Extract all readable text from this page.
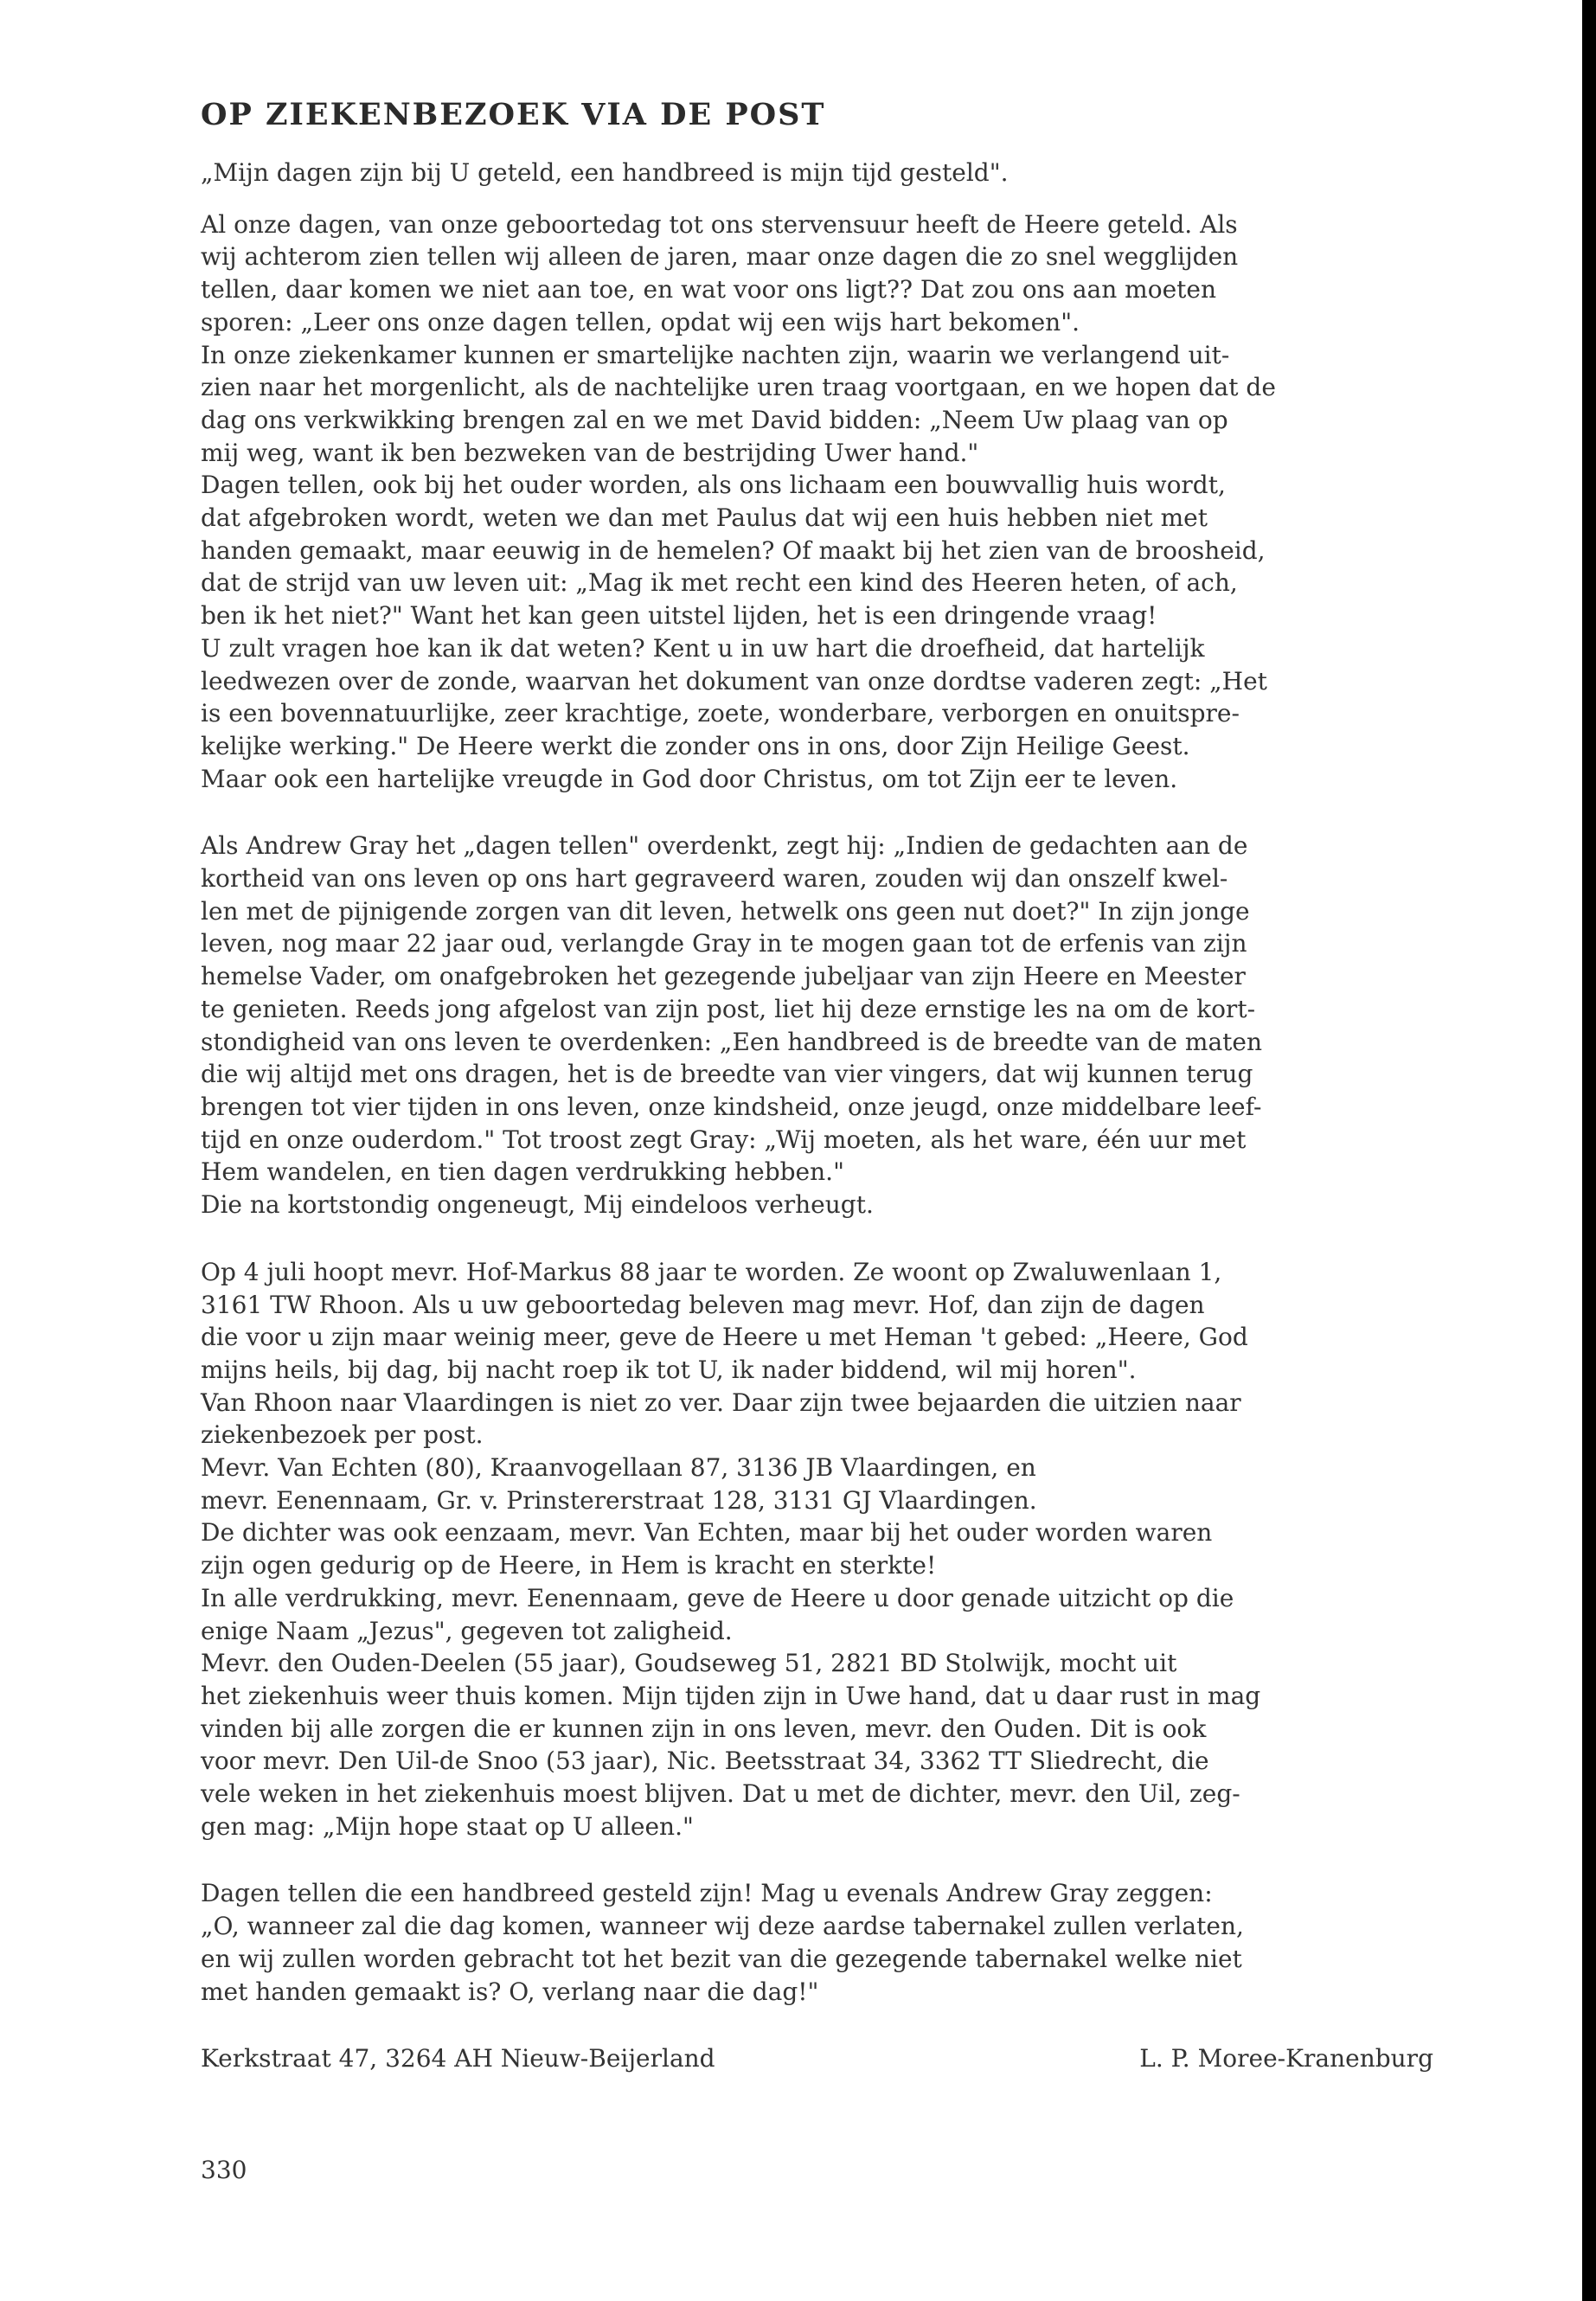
OP ZIEKENBEZOEK VIA DE POST
„Mijn dagen zijn bij U geteld, een handbreed is mijn tijd gesteld".
Al onze dagen, van onze geboortedag tot ons stervensuur heeft de Heere geteld. Als
wij achterom zien tellen wij alleen de jaren, maar onze dagen die zo snel wegglijden
tellen, daar komen we niet aan toe, en wat voor ons ligt?? Dat zou ons aan moeten
sporen: „Leer ons onze dagen tellen, opdat wij een wijs hart bekomen".
In onze ziekenkamer kunnen er smartelijke nachten zijn, waarin we verlangend uit-
zien naar het morgenlicht, als de nachtelijke uren traag voortgaan, en we hopen dat de
dag ons verkwikking brengen zal en we met David bidden: „Neem Uw plaag van op
mij weg, want ik ben bezweken van de bestrijding Uwer hand."
Dagen tellen, ook bij het ouder worden, als ons lichaam een bouwvallig huis wordt,
dat afgebroken wordt, weten we dan met Paulus dat wij een huis hebben niet met
handen gemaakt, maar eeuwig in de hemelen? Of maakt bij het zien van de broosheid,
dat de strijd van uw leven uit: „Mag ik met recht een kind des Heeren heten, of ach,
ben ik het niet?" Want het kan geen uitstel lijden, het is een dringende vraag!
U zult vragen hoe kan ik dat weten? Kent u in uw hart die droefheid, dat hartelijk
leedwezen over de zonde, waarvan het dokument van onze dordtse vaderen zegt: „Het
is een bovennatuurlijke, zeer krachtige, zoete, wonderbare, verborgen en onuitspre-
kelijke werking." De Heere werkt die zonder ons in ons, door Zijn Heilige Geest.
Maar ook een hartelijke vreugde in God door Christus, om tot Zijn eer te leven.
Als Andrew Gray het „dagen tellen" overdenkt, zegt hij: „Indien de gedachten aan de
kortheid van ons leven op ons hart gegraveerd waren, zouden wij dan onszelf kwel-
len met de pijnigende zorgen van dit leven, hetwelk ons geen nut doet?" In zijn jonge
leven, nog maar 22 jaar oud, verlangde Gray in te mogen gaan tot de erfenis van zijn
hemelse Vader, om onafgebroken het gezegende jubeljaar van zijn Heere en Meester
te genieten. Reeds jong afgelost van zijn post, liet hij deze ernstige les na om de kort-
stondigheid van ons leven te overdenken: „Een handbreed is de breedte van de maten
die wij altijd met ons dragen, het is de breedte van vier vingers, dat wij kunnen terug
brengen tot vier tijden in ons leven, onze kindsheid, onze jeugd, onze middelbare leef-
tijd en onze ouderdom." Tot troost zegt Gray: „Wij moeten, als het ware, één uur met
Hem wandelen, en tien dagen verdrukking hebben."
Die na kortstondig ongeneugt, Mij eindeloos verheugt.
Op 4 juli hoopt mevr. Hof-Markus 88 jaar te worden. Ze woont op Zwaluwenlaan 1,
3161 TW Rhoon. Als u uw geboortedag beleven mag mevr. Hof, dan zijn de dagen
die voor u zijn maar weinig meer, geve de Heere u met Heman 't gebed: „Heere, God
mijns heils, bij dag, bij nacht roep ik tot U, ik nader biddend, wil mij horen".
Van Rhoon naar Vlaardingen is niet zo ver. Daar zijn twee bejaarden die uitzien naar
ziekenbezoek per post.
Mevr. Van Echten (80), Kraanvogellaan 87, 3136 JB Vlaardingen, en
mevr. Eenennaam, Gr. v. Prinstererstraat 128, 3131 GJ Vlaardingen.
De dichter was ook eenzaam, mevr. Van Echten, maar bij het ouder worden waren
zijn ogen gedurig op de Heere, in Hem is kracht en sterkte!
In alle verdrukking, mevr. Eenennaam, geve de Heere u door genade uitzicht op die
enige Naam „Jezus", gegeven tot zaligheid.
Mevr. den Ouden-Deelen (55 jaar), Goudseweg 51, 2821 BD Stolwijk, mocht uit
het ziekenhuis weer thuis komen. Mijn tijden zijn in Uwe hand, dat u daar rust in mag
vinden bij alle zorgen die er kunnen zijn in ons leven, mevr. den Ouden. Dit is ook
voor mevr. Den Uil-de Snoo (53 jaar), Nic. Beetsstraat 34, 3362 TT Sliedrecht, die
vele weken in het ziekenhuis moest blijven. Dat u met de dichter, mevr. den Uil, zeg-
gen mag: „Mijn hope staat op U alleen."
Dagen tellen die een handbreed gesteld zijn! Mag u evenals Andrew Gray zeggen:
„O, wanneer zal die dag komen, wanneer wij deze aardse tabernakel zullen verlaten,
en wij zullen worden gebracht tot het bezit van die gezegende tabernakel welke niet
met handen gemaakt is? O, verlang naar die dag!"
Kerkstraat 47, 3264 AH Nieuw-Beijerland	L. P. Moree-Kranenburg
330
